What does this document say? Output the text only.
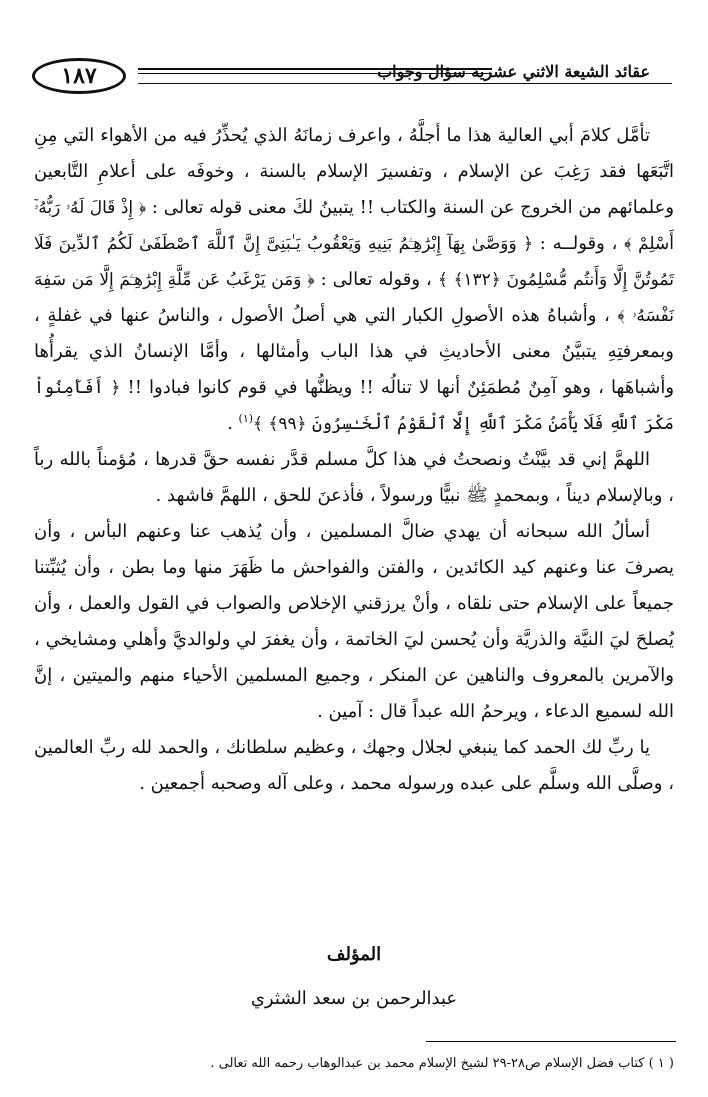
١٨٧	عقائد الشيعة الاثني عشرية سؤال وجواب

تأمَّل كلامَ أبي العالية هذا ما أجلَّهُ ، واعرف زمانَهُ الذي يُحذِّرُ فيه من الأهواء التي مِنِ اتَّبَعَها فقد رَغِبَ عن الإسلام ، وتفسيرَ الإسلام بالسنة ، وخوفَه على أعلامِ التَّابعين وعلمائهم من الخروج عن السنة والكتاب !! يتبينُ لكَ معنى قوله تعالى : ﴿ إِذْ قَالَ لَهُۥ رَبُّهُۥٓ أَسْلِمْ ﴾ ، وقولــه : ﴿ وَوَصَّىٰ بِهَآ إِبْرَٰهِـۧمُ بَنِيهِ وَيَعْقُوبُ يَـٰبَنِىَّ إِنَّ ٱللَّهَ ٱصْطَفَىٰ لَكُمُ ٱلدِّينَ فَلَا تَمُوتُنَّ إِلَّا وَأَنتُم مُّسْلِمُونَ ﴿١٣٢﴾ ﴾ ، وقوله تعالى : ﴿ وَمَن يَرْغَبُ عَن مِّلَّةِ إِبْرَٰهِـۧمَ إِلَّا مَن سَفِهَ نَفْسَهُۥ ﴾ ، وأشباهُ هذه الأصولِ الكبار التي هي أصلُ الأصول ، والناسُ عنها في غفلةٍ ، وبمعرفتِهِ يتبيَّنُ معنى الأحاديثِ في هذا الباب وأمثالها ، وأمَّا الإنسانُ الذي يقرأُها وأشباهَها ، وهو آمِنٌ مُطمَئِنٌ أنها لا تنالُه !! ويظنُّها في قوم كانوا فبادوا !! ﴿ أَفَأَمِنُواْ مَكْرَ ٱللَّهِ فَلَا يَأْمَنُ مَكْرَ ٱللَّهِ إِلَّا ٱلْقَوْمُ ٱلْخَـٰسِرُونَ ﴿٩٩﴾ ﴾$^{(١)}$ .

اللهمَّ إني قد بيَّنْتُ ونصحتُ في هذا كلَّ مسلم قدَّر نفسه حقَّ قدرها ، مُؤمناً بالله رباً ، وبالإسلام ديناً ، وبمحمدٍ ﷺ نبيًّا ورسولاً ، فأذعنَ للحق ، اللهمَّ فاشهد .

أسألُ الله سبحانه أن يهدي ضالَّ المسلمين ، وأن يُذهب عنا وعنهم البأس ، وأن يصرفَ عنا وعنهم كيد الكائدين ، والفتن والفواحش ما ظَهَرَ منها وما بطن ، وأن يُثبِّتنا جميعاً على الإسلام حتى نلقاه ، وأنْ يرزقني الإخلاص والصواب في القول والعمل ، وأن يُصلحَ ليَ النيَّة والذريَّة وأن يُحسن ليَ الخاتمة ، وأن يغفرَ لي ولوالديَّ وأهلي ومشايخي ، والآمرين بالمعروف والناهين عن المنكر ، وجميع المسلمين الأحياء منهم والميتين ، إنَّ الله لسميع الدعاء ، ويرحمُ الله عبداً قال : آمين .

يا ربِّ لك الحمد كما ينبغي لجلال وجهك ، وعظيم سلطانك ، والحمد لله ربِّ العالمين ، وصلَّى الله وسلَّم على عبده ورسوله محمد ، وعلى آله وصحبه أجمعين .

المؤلف
عبدالرحمن بن سعد الشثري
( ١ ) كتاب فضل الإسلام ص٢٨-٢٩ لشيخ الإسلام محمد بن عبدالوهاب رحمه الله تعالى .
